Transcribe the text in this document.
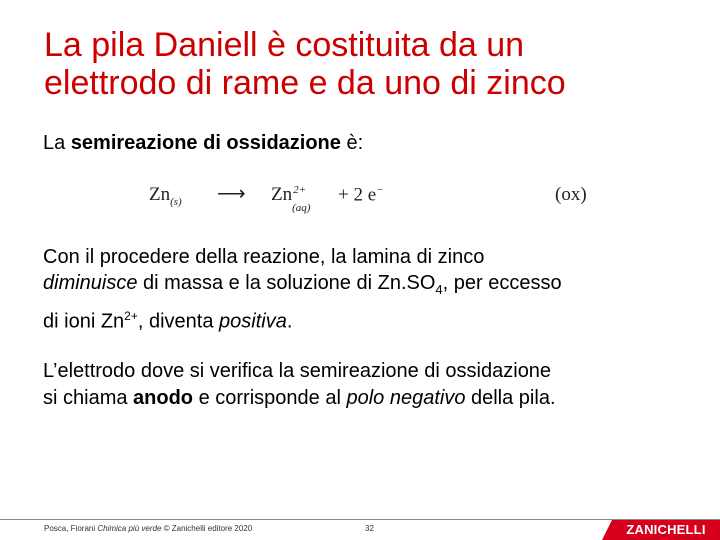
La pila Daniell è costituita da un
elettrodo di rame e da uno di zinco
La semireazione di ossidazione è:
$Zn_{(s)}$ ⟶ Zn 2+
(aq)
+ 2 e−	(ox)
Con il procedere della reazione, la lamina di zinco
diminuisce di massa e la soluzione di $Zn.SO_4$, per eccesso
di ioni $Zn^{2+}$, diventa positiva.
L’elettrodo dove si verifica la semireazione di ossidazione
si chiama anodo e corrisponde al polo negativo della pila.
Posca, Fiorani Chimica più verde © Zanichelli editore 2020	32	ZANICHELLI
